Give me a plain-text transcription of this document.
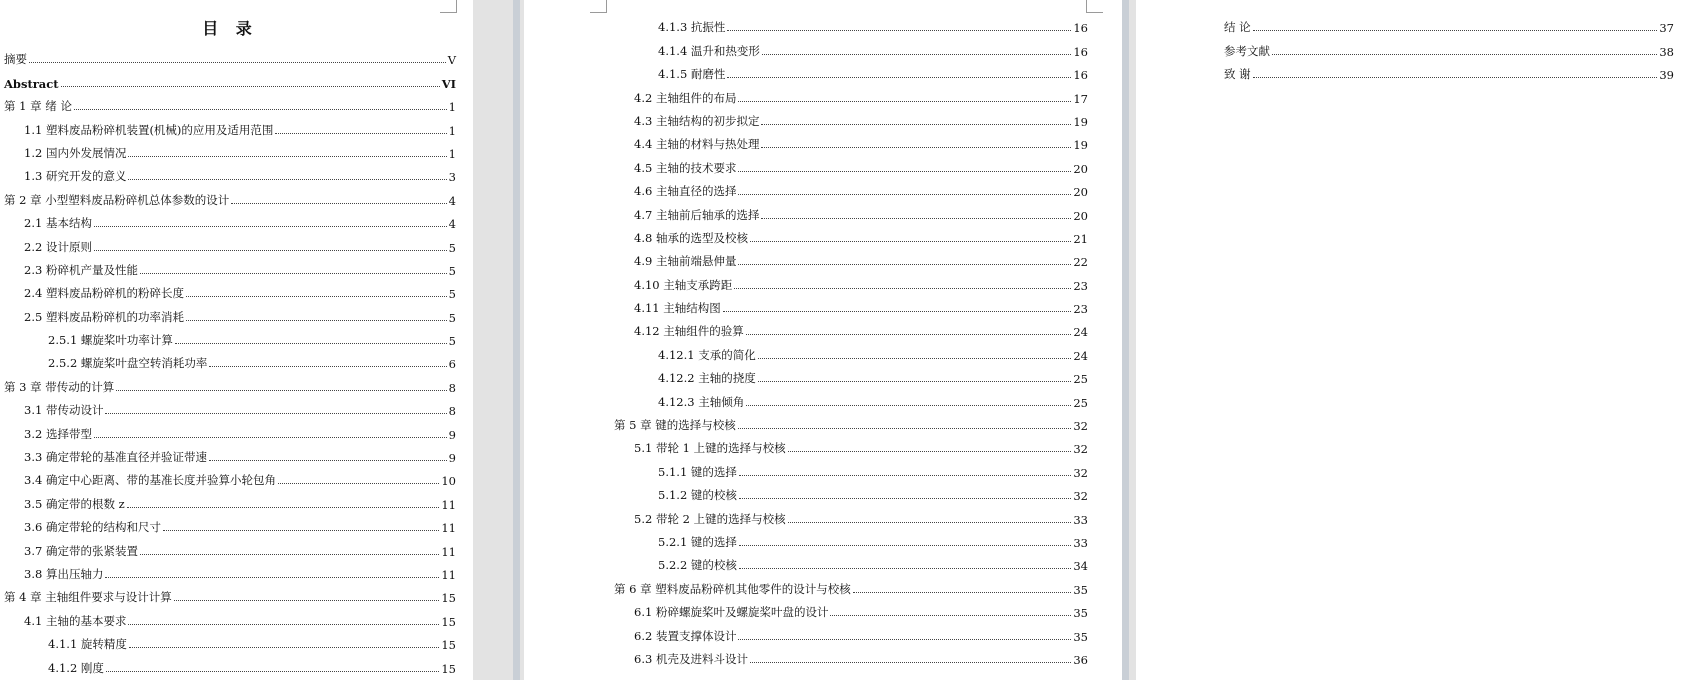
目 录
摘要	V
Abstract	VI
第 1 章 绪 论	1
1.1 塑料废品粉碎机装置(机械)的应用及适用范围	1
1.2 国内外发展情况	1
1.3 研究开发的意义	3
第 2 章 小型塑料废品粉碎机总体参数的设计	4
2.1 基本结构	4
2.2 设计原则	5
2.3 粉碎机产量及性能	5
2.4 塑料废品粉碎机的粉碎长度	5
2.5 塑料废品粉碎机的功率消耗	5
2.5.1 螺旋桨叶功率计算	5
2.5.2 螺旋桨叶盘空转消耗功率	6
第 3 章 带传动的计算	8
3.1 带传动设计	8
3.2 选择带型	9
3.3 确定带轮的基准直径并验证带速	9
3.4 确定中心距离、带的基准长度并验算小轮包角	10
3.5 确定带的根数 z	11
3.6 确定带轮的结构和尺寸	11
3.7 确定带的张紧装置	11
3.8 算出压轴力	11
第 4 章 主轴组件要求与设计计算	15
4.1 主轴的基本要求	15
4.1.1 旋转精度	15
4.1.2 刚度	15
4.1.3 抗振性	16
4.1.4 温升和热变形	16
4.1.5 耐磨性	16
4.2 主轴组件的布局	17
4.3 主轴结构的初步拟定	19
4.4 主轴的材料与热处理	19
4.5 主轴的技术要求	20
4.6 主轴直径的选择	20
4.7 主轴前后轴承的选择	20
4.8 轴承的选型及校核	21
4.9 主轴前端悬伸量	22
4.10 主轴支承跨距	23
4.11 主轴结构图	23
4.12 主轴组件的验算	24
4.12.1 支承的简化	24
4.12.2 主轴的挠度	25
4.12.3 主轴倾角	25
第 5 章 键的选择与校核	32
5.1 带轮 1 上键的选择与校核	32
5.1.1 键的选择	32
5.1.2 键的校核	32
5.2 带轮 2 上键的选择与校核	33
5.2.1 键的选择	33
5.2.2 键的校核	34
第 6 章 塑料废品粉碎机其他零件的设计与校核	35
6.1 粉碎螺旋桨叶及螺旋桨叶盘的设计	35
6.2 装置支撑体设计	35
6.3 机壳及进料斗设计	36
结 论	37
参考文献	38
致 谢	39
